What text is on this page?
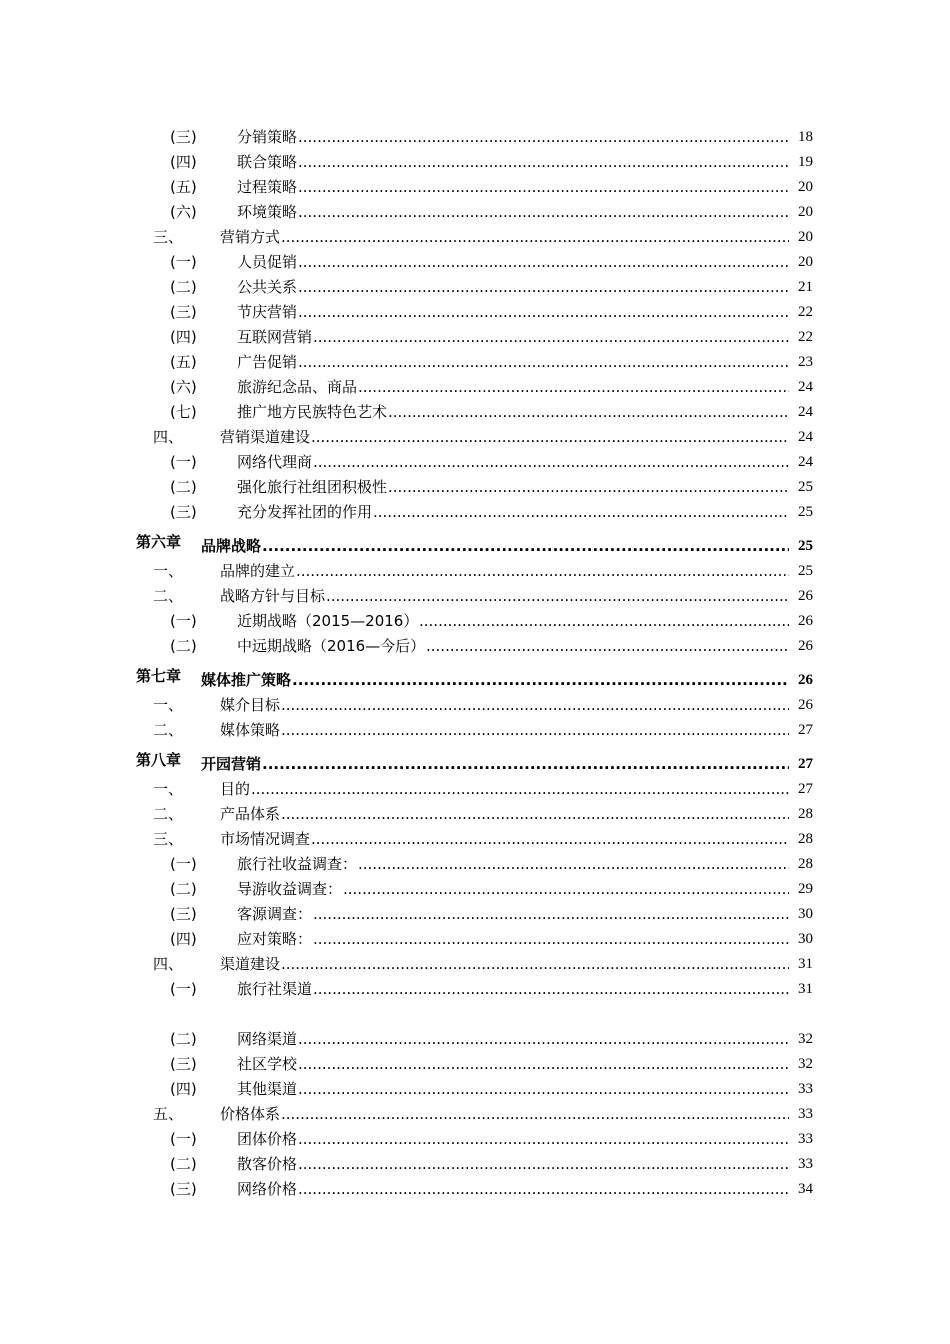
(三) .....	分销策略	18
(四) .....	联合策略	19
(五) .....	过程策略	20
(六) .....	环境策略	20
三、 ..... 营销方式	20
(一) .....	人员促销	20
(二) .....	公共关系	21
(三) .....	节庆营销	22
(四) .....	互联网营销	22
(五) .....	广告促销	23
(六) .....	旅游纪念品、商品	24
(七) .....	推广地方民族特色艺术	24
四、 ..... 营销渠道建设	24
(一) .....	网络代理商	24
(二) .....	强化旅行社组团积极性	25
(三) .....	充分发挥社团的作用	25
第六章 ..... 品牌战略	25
一、 ..... 品牌的建立	25
二、 ..... 战略方针与目标	26
(一) .....	近期战略（2015—2016）	26
(二) .....	中远期战略（2016—今后）	26
第七章 ..... 媒体推广策略	26
一、 ..... 媒介目标	26
二、 ..... 媒体策略	27
第八章 ..... 开园营销	27
一、 ..... 目的	27
二、 ..... 产品体系	28
三、 ..... 市场情况调查	28
(一) .....	旅行社收益调查：	28
(二) .....	导游收益调查：	29
(三) .....	客源调查：	30
(四) .....	应对策略：	30
四、 ..... 渠道建设	31
(一) .....	旅行社渠道	31
(二) .....	网络渠道	32
(三) .....	社区学校	32
(四) .....	其他渠道	33
五、 ..... 价格体系	33
(一) .....	团体价格	33
(二) .....	散客价格	33
(三) .....	网络价格	34
